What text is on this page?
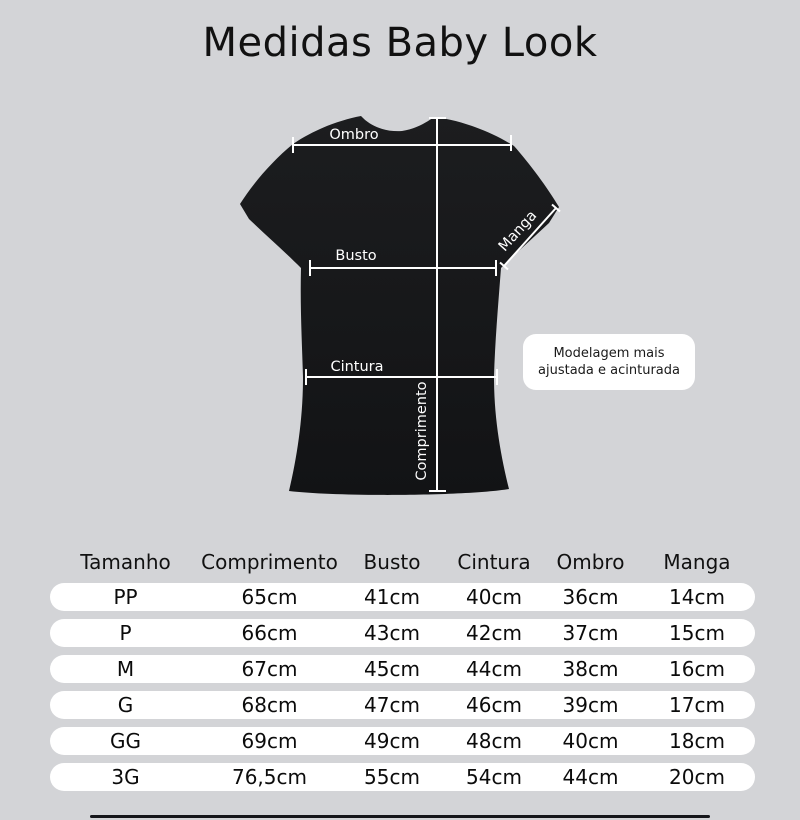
Medidas Baby Look
Ombro
Busto
Cintura
Manga
Comprimento
Modelagem mais
ajustada e acinturada
Tamanho	Comprimento	Busto	Cintura	Ombro	Manga
PP	65cm	41cm	40cm	36cm	14cm
P	66cm	43cm	42cm	37cm	15cm
M	67cm	45cm	44cm	38cm	16cm
G	68cm	47cm	46cm	39cm	17cm
GG	69cm	49cm	48cm	40cm	18cm
3G	76,5cm	55cm	54cm	44cm	20cm
